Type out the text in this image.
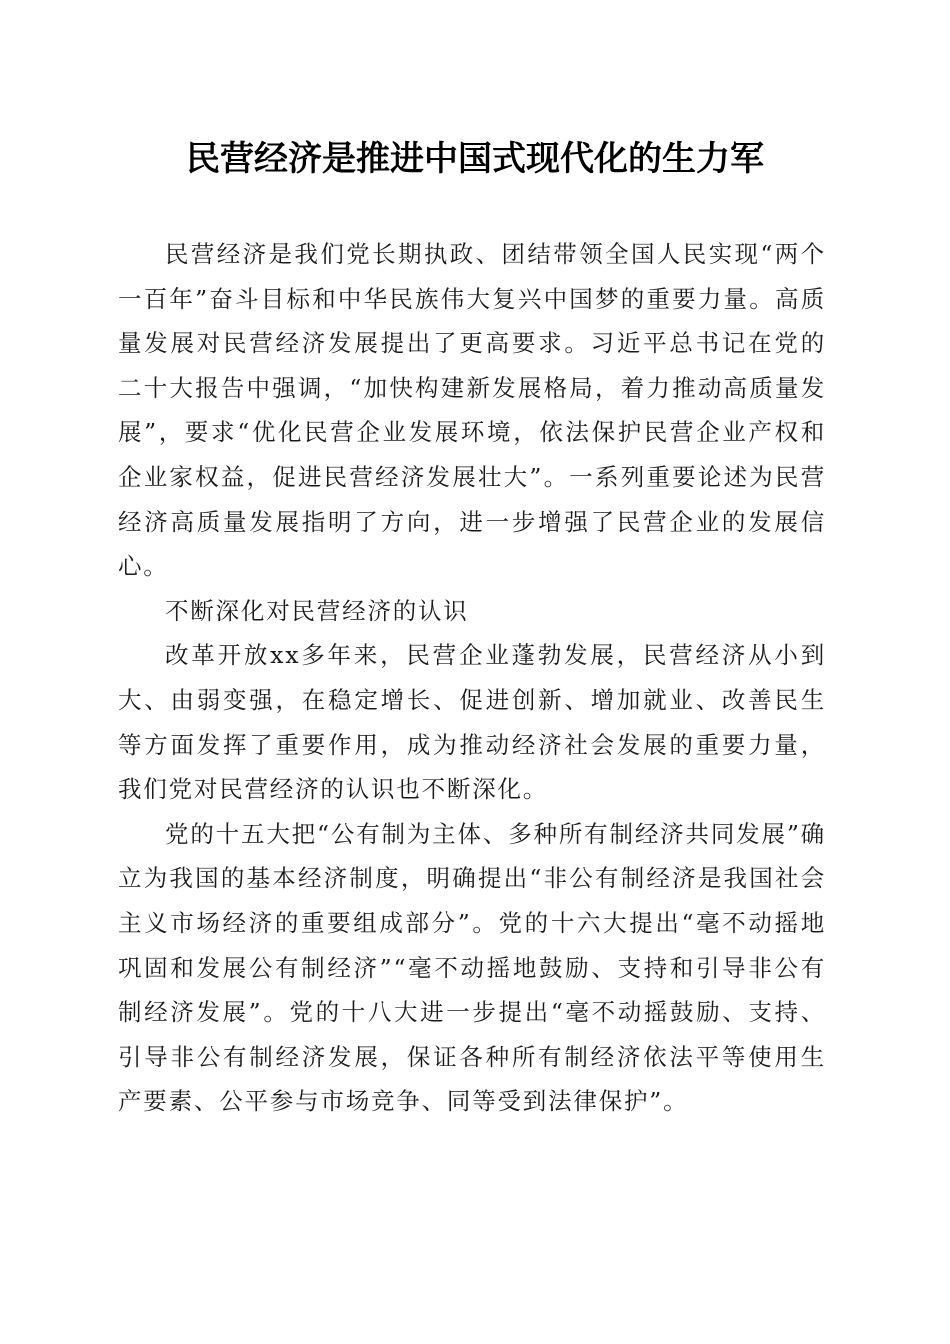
民营经济是推进中国式现代化的生力军

民营经济是我们党长期执政、团结带领全国人民实现“两个一百年”奋斗目标和中华民族伟大复兴中国梦的重要力量。高质量发展对民营经济发展提出了更高要求。习近平总书记在党的二十大报告中强调，“加快构建新发展格局，着力推动高质量发展”，要求“优化民营企业发展环境，依法保护民营企业产权和企业家权益，促进民营经济发展壮大”。一系列重要论述为民营经济高质量发展指明了方向，进一步增强了民营企业的发展信心。

不断深化对民营经济的认识

改革开放xx多年来，民营企业蓬勃发展，民营经济从小到大、由弱变强，在稳定增长、促进创新、增加就业、改善民生等方面发挥了重要作用，成为推动经济社会发展的重要力量，我们党对民营经济的认识也不断深化。

党的十五大把“公有制为主体、多种所有制经济共同发展”确立为我国的基本经济制度，明确提出“非公有制经济是我国社会主义市场经济的重要组成部分”。党的十六大提出“毫不动摇地巩固和发展公有制经济”“毫不动摇地鼓励、支持和引导非公有制经济发展”。党的十八大进一步提出“毫不动摇鼓励、支持、引导非公有制经济发展，保证各种所有制经济依法平等使用生产要素、公平参与市场竞争、同等受到法律保护”。
